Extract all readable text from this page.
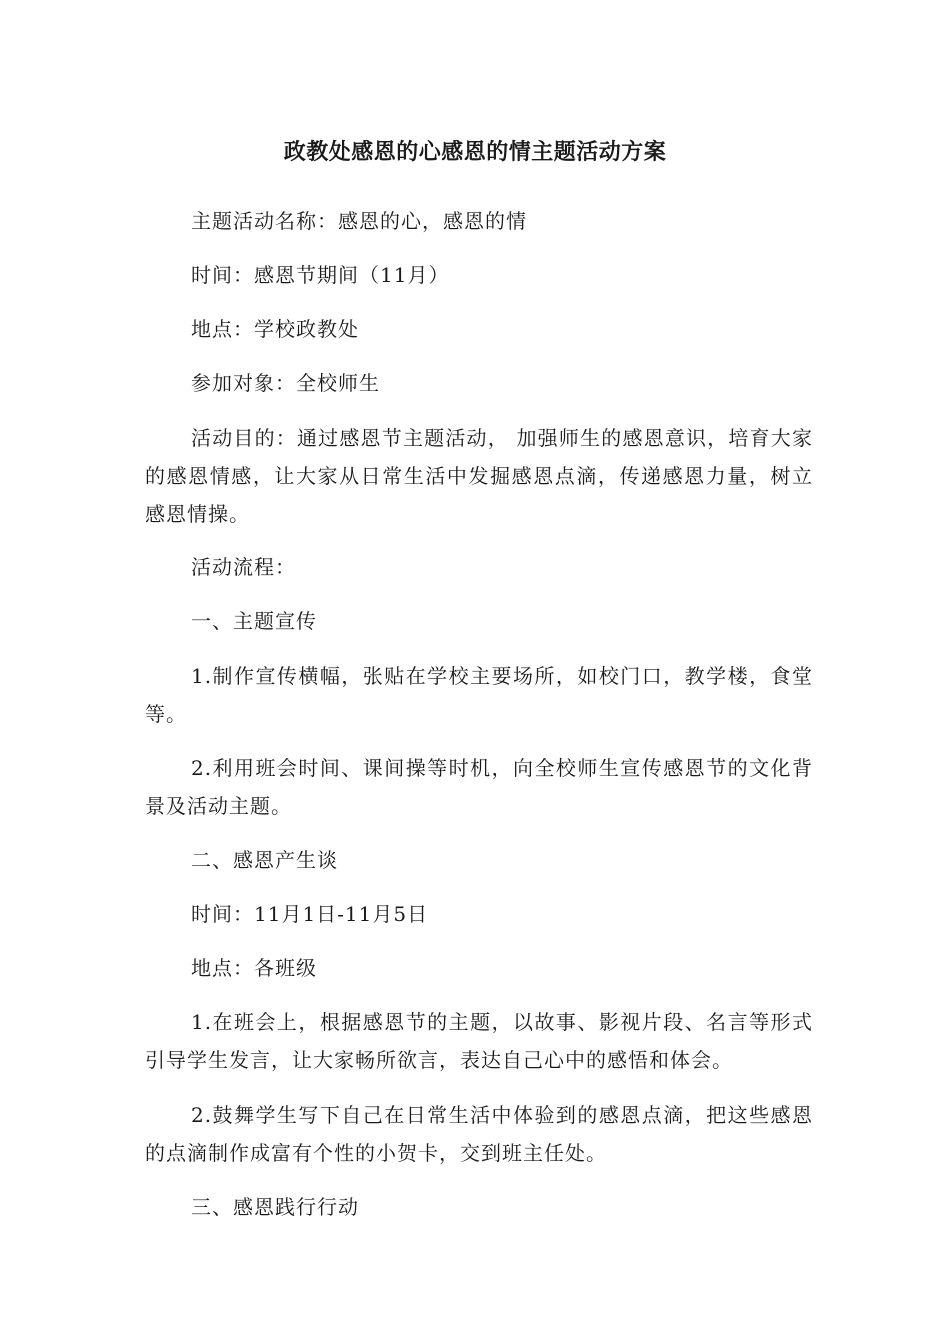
政教处感恩的心感恩的情主题活动方案

主题活动名称：感恩的心，感恩的情

时间：感恩节期间（11月）

地点：学校政教处

参加对象：全校师生

活动目的：通过感恩节主题活动， 加强师生的感恩意识，培育大家的感恩情感，让大家从日常生活中发掘感恩点滴，传递感恩力量，树立感恩情操。

活动流程：

一、主题宣传

1.制作宣传横幅，张贴在学校主要场所，如校门口，教学楼，食堂等。

2.利用班会时间、课间操等时机，向全校师生宣传感恩节的文化背景及活动主题。

二、感恩产生谈

时间：11月1日-11月5日

地点：各班级

1.在班会上，根据感恩节的主题，以故事、影视片段、名言等形式引导学生发言，让大家畅所欲言，表达自己心中的感悟和体会。

2.鼓舞学生写下自己在日常生活中体验到的感恩点滴，把这些感恩的点滴制作成富有个性的小贺卡，交到班主任处。

三、感恩践行行动
